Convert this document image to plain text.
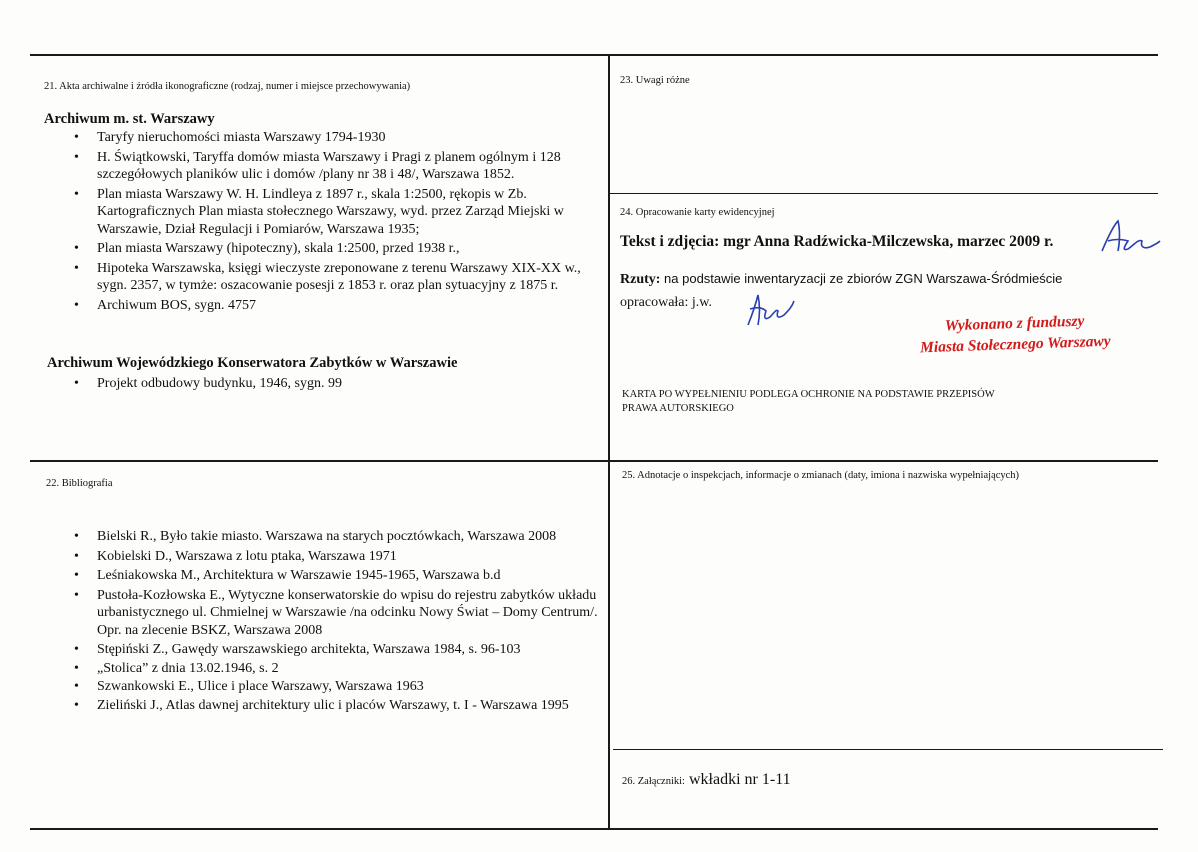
21. Akta archiwalne i źródła ikonograficzne (rodzaj, numer i miejsce przechowywania)
Archiwum m. st. Warszawy
• Taryfy nieruchomości miasta Warszawy 1794-1930
• H. Świątkowski, Taryffa domów miasta Warszawy i Pragi z planem ogólnym i 128 szczegółowych planików ulic i domów /plany nr 38 i 48/, Warszawa 1852.
• Plan miasta Warszawy W. H. Lindleya z 1897 r., skala 1:2500, rękopis w Zb. Kartograficznych Plan miasta stołecznego Warszawy, wyd. przez Zarząd Miejski w Warszawie, Dział Regulacji i Pomiarów, Warszawa 1935;
• Plan miasta Warszawy (hipoteczny), skala 1:2500, przed 1938 r.,
• Hipoteka Warszawska, księgi wieczyste zreponowane z terenu Warszawy XIX-XX w., sygn. 2357, w tymże: oszacowanie posesji z 1853 r. oraz plan sytuacyjny z 1875 r.
• Archiwum BOS, sygn. 4757
Archiwum Wojewódzkiego Konserwatora Zabytków w Warszawie
• Projekt odbudowy budynku, 1946, sygn. 99
22. Bibliografia
• Bielski R., Było takie miasto. Warszawa na starych pocztówkach, Warszawa 2008
• Kobielski D., Warszawa z lotu ptaka, Warszawa 1971
• Leśniakowska M., Architektura w Warszawie 1945-1965, Warszawa b.d
• Pustoła-Kozłowska E., Wytyczne konserwatorskie do wpisu do rejestru zabytków układu urbanistycznego ul. Chmielnej w Warszawie /na odcinku Nowy Świat – Domy Centrum/. Opr. na zlecenie BSKZ, Warszawa 2008
• Stępiński Z., Gawędy warszawskiego architekta, Warszawa 1984, s. 96-103
• „Stolica” z dnia 13.02.1946, s. 2
• Szwankowski E., Ulice i place Warszawy, Warszawa 1963
• Zieliński J., Atlas dawnej architektury ulic i placów Warszawy, t. I - Warszawa 1995
23. Uwagi różne
24. Opracowanie karty ewidencyjnej
Tekst i zdjęcia: mgr Anna Radźwicka-Milczewska, marzec 2009 r.
Rzuty: na podstawie inwentaryzacji ze zbiorów ZGN Warszawa-Śródmieście
opracowała: j.w.
Wykonano z funduszy
Miasta Stołecznego Warszawy
KARTA PO WYPEŁNIENIU PODLEGA OCHRONIE NA PODSTAWIE PRZEPISÓW
PRAWA AUTORSKIEGO
25. Adnotacje o inspekcjach, informacje o zmianach (daty, imiona i nazwiska wypełniających)
26. Załączniki: wkładki nr 1-11
